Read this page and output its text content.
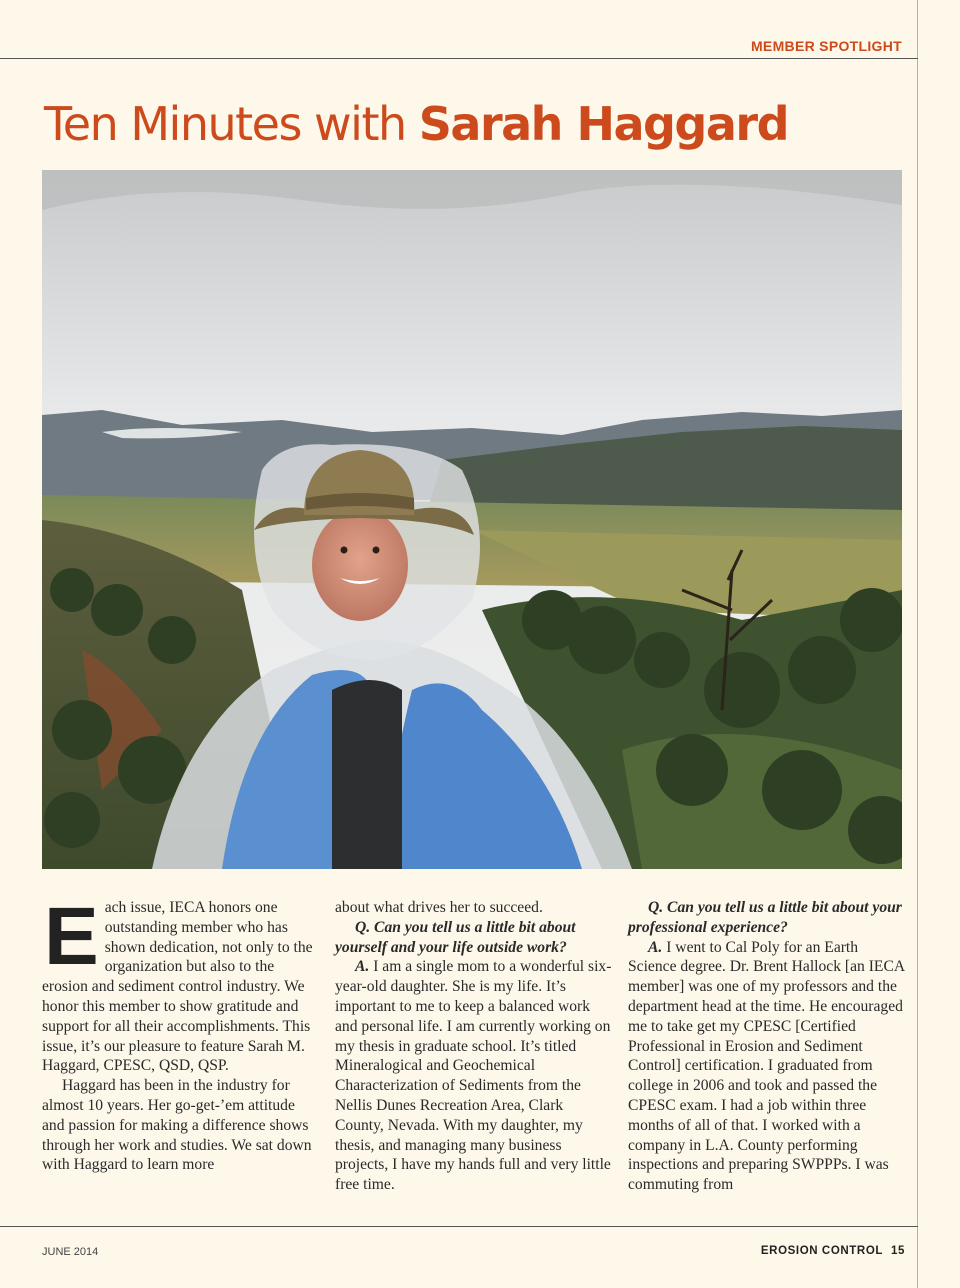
MEMBER SPOTLIGHT
Ten Minutes with Sarah Haggard

Each issue, IECA honors one outstanding member who has shown dedication, not only to the organization but also to the erosion and sediment control industry. We honor this member to show gratitude and support for all their accomplishments. This issue, it’s our pleasure to feature Sarah M. Haggard, CPESC, QSD, QSP.

Haggard has been in the industry for almost 10 years. Her go-get-’em attitude and passion for making a difference shows through her work and studies. We sat down with Haggard to learn more

about what drives her to succeed.

Q. Can you tell us a little bit about yourself and your life outside work?

A. I am a single mom to a wonderful six-year-old daughter. She is my life. It’s important to me to keep a balanced work and personal life. I am currently working on my thesis in graduate school. It’s titled Mineralogical and Geochemical Characterization of Sediments from the Nellis Dunes Recreation Area, Clark County, Nevada. With my daughter, my thesis, and managing many business projects, I have my hands full and very little free time.

Q. Can you tell us a little bit about your professional experience?

A. I went to Cal Poly for an Earth Science degree. Dr. Brent Hallock [an IECA member] was one of my professors and the department head at the time. He encouraged me to take get my CPESC [Certified Professional in Erosion and Sediment Control] certification. I graduated from college in 2006 and took and passed the CPESC exam. I had a job within three months of all of that. I worked with a company in L.A. County performing inspections and preparing SWPPPs. I was commuting from

JUNE 2014	EROSION CONTROL 15
